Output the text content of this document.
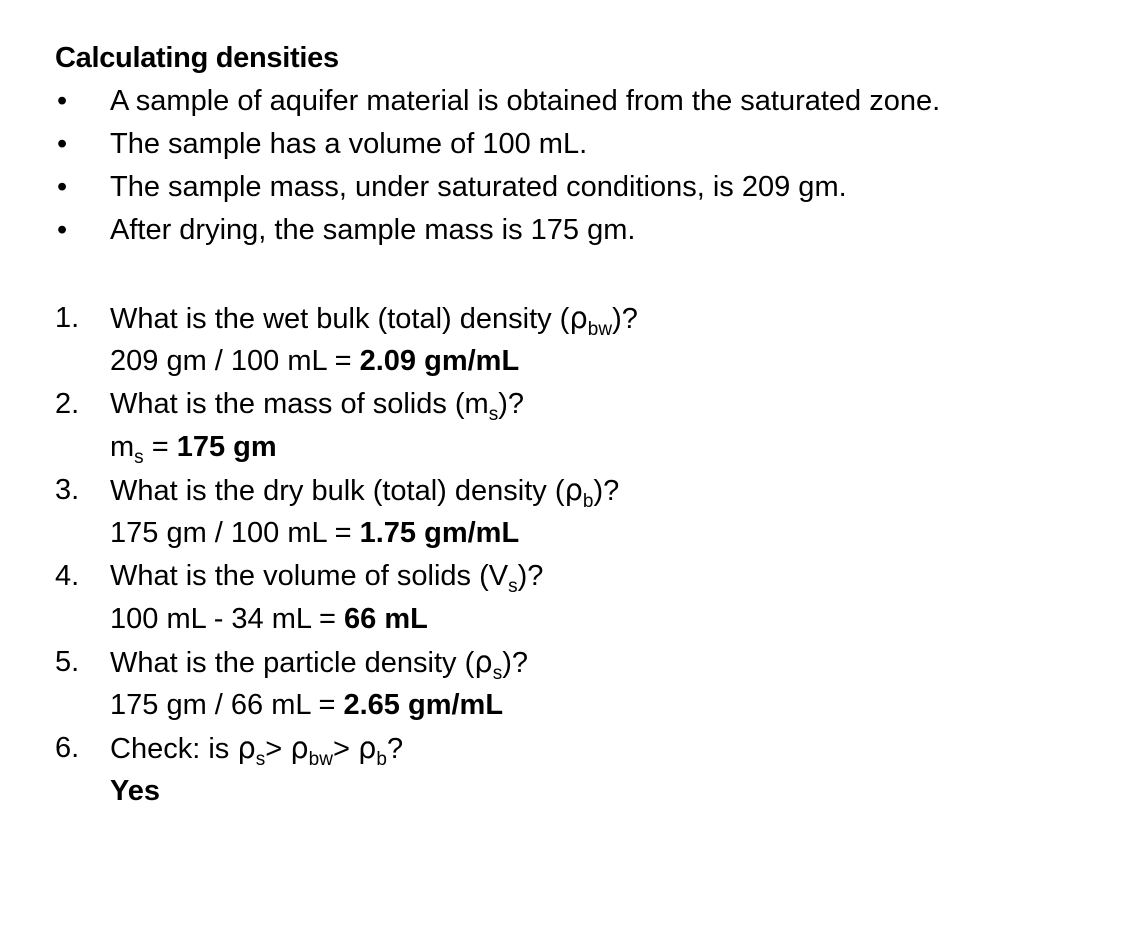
Calculating densities
• A sample of aquifer material is obtained from the saturated zone.
• The sample has a volume of 100 mL.
• The sample mass, under saturated conditions, is 209 gm.
• After drying, the sample mass is 175 gm.
1. What is the wet bulk (total) density $(\rho_{bw})$?
209 gm / 100 mL = 2.09 gm/mL
2. What is the mass of solids $(m_s)$?
$m_s = 175$ gm
3. What is the dry bulk (total) density $(\rho_b)$?
175 gm / 100 mL = 1.75 gm/mL
4. What is the volume of solids $(V_s)$?
100 mL - 34 mL = 66 mL
5. What is the particle density $(\rho_s)$?
175 gm / 66 mL = 2.65 gm/mL
6. Check: is $\rho_s> \rho_{bw}> \rho_b$?
Yes
